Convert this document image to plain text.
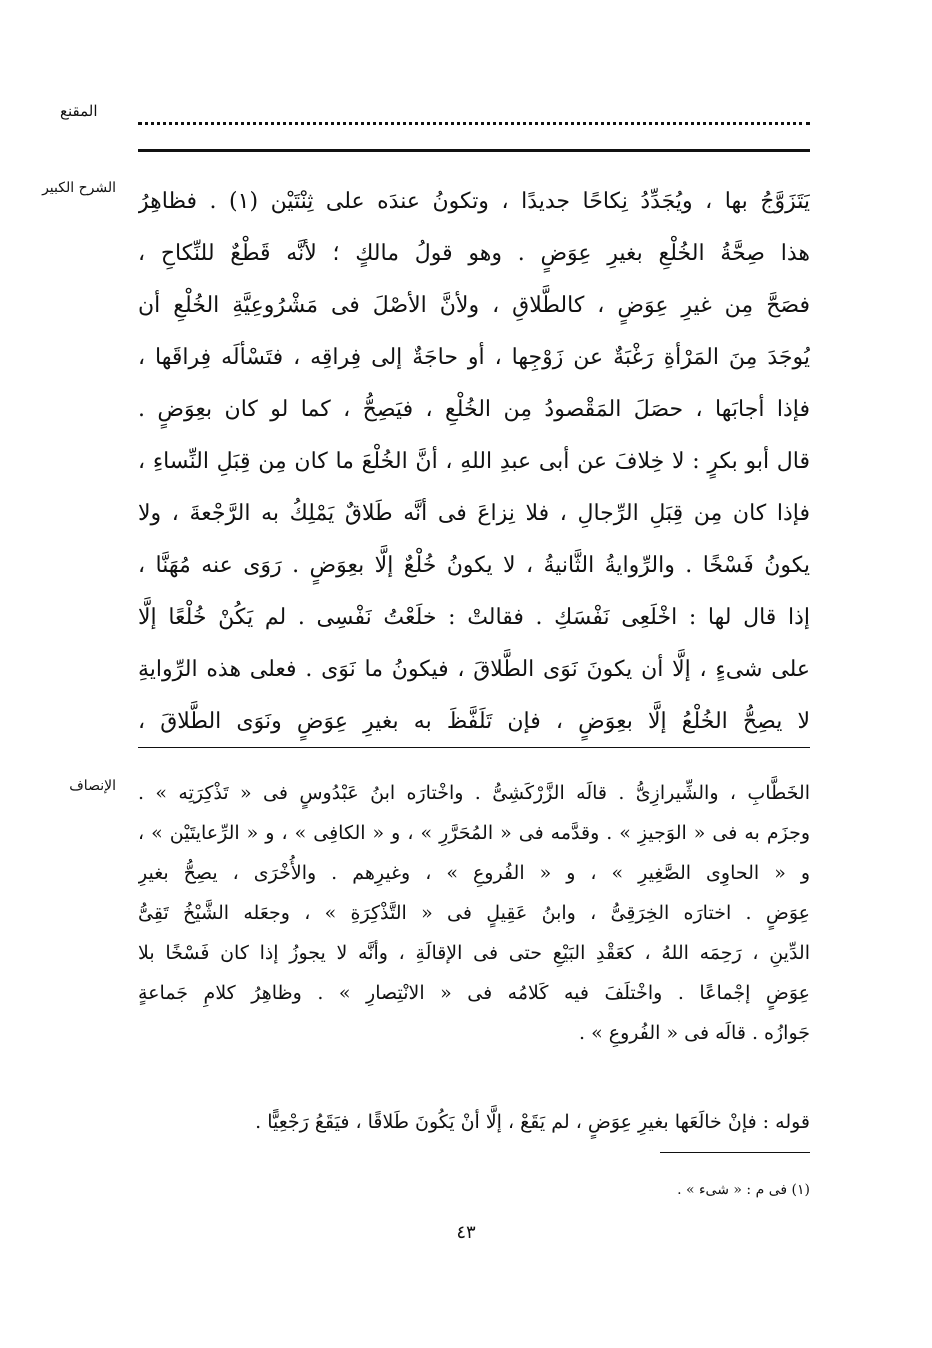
المقنع
الشرح الكبير
يَتَزَوَّجُ بها ، ويُجَدِّدُ نِكاحًا جديدًا ، وتكونُ عندَه على ثِنْتَيْن (١) . فظاهِرُ
هذا صِحَّةُ الخُلْعِ بغيرِ عِوَضٍ . وهو قولُ مالكٍ ؛ لأنَّه قَطْعٌ للنِّكاحِ ،
فصَحَّ مِن غيرِ عِوَضٍ ، كالطَّلاقِ ، ولأنَّ الأصْلَ فى مَشْرُوعِيَّةِ الخُلْعِ أن
يُوجَدَ مِنَ المَرْأةِ رَغْبَةٌ عن زَوْجِها ، أو حاجَةٌ إلى فِراقِه ، فتَسْألَه فِراقَها ،
فإذا أجابَها ، حصَلَ المَقْصودُ مِن الخُلْعِ ، فيَصِحُّ ، كما لو كان بعِوَضٍ .
قال أبو بكرٍ : لا خِلافَ عن أبى عبدِ اللهِ ، أنَّ الخُلْعَ ما كان مِن قِبَلِ النِّساءِ ،
فإذا كان مِن قِبَلِ الرِّجالِ ، فلا نِزاعَ فى أنَّه طَلاقٌ يَمْلِكُ به الرَّجْعةَ ، ولا
يكونُ فَسْخًا . والرِّوايةُ الثَّانيةُ ، لا يكونُ خُلْعٌ إلَّا بعِوَضٍ . رَوَى عنه مُهَنَّا ،
إذا قال لها : اخْلَعِى نَفْسَكِ . فقالتْ : خلَعْتُ نَفْسِى . لم يَكُنْ خُلْعًا إلَّا
على شىءٍ ، إلَّا أن يكونَ نَوَى الطَّلاقَ ، فيكونُ ما نَوَى . فعلى هذه الرِّوايةِ
لا يصِحُّ الخُلْعُ إلَّا بعِوَضٍ ، فإن تَلَفَّظَ به بغيرِ عِوَضٍ ونَوَى الطَّلاقَ ،
الإنصاف الخَطَّابِ ، والشِّيرازِىُّ . قالَه الزَّرْكَشِىُّ . واخْتارَه ابنُ عَبْدُوسٍ فى « تَذْكِرَتِه » .
وجزَم به فى « الوَجيزِ » . وقدَّمه فى « المُحَرَّرِ » ، و « الكافِى » ، و « الرِّعايتَيْن » ،
و « الحاوِى الصَّغِيرِ » ، و « الفُروعِ » ، وغيرِهم . والأُخْرَى ، يصِحُّ بغيرِ
عِوَضٍ . اختارَه الخِرَقِىُّ ، وابنُ عَقِيلٍ فى « التَّذْكِرَةِ » ، وجعَله الشَّيْخُ تَقِىُّ
الدِّينِ ، رَحِمَه اللهُ ، كعَقْدِ البَيْعِ حتى فى الإقالَةِ ، وأنَّه لا يجوزُ إذا كان فَسْخًا بلا
عِوَضٍ إجْماعًا . واخْتلَفَ فيه كَلامُه فى « الانْتِصارِ » . وظاهِرُ كلامِ جَماعةٍ
جَوازُه . قالَه فى « الفُروعِ » .
قوله : فإنْ خالَعَها بغيرِ عِوَضٍ ، لم يَقَعْ ، إلَّا أنْ يَكُونَ طَلاقًا ، فيَقَعُ رَجْعِيًّا .
(١) فى م : « شىء » .
٤٣
